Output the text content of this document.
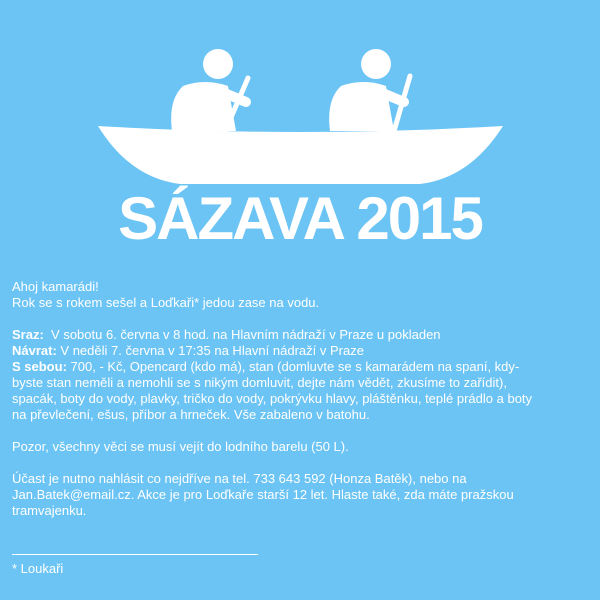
SÁZAVA 2015

Ahoj kamarádi!

Rok se s rokem sešel a Loďkaři* jedou zase na vodu.

Sraz: V sobotu 6. června v 8 hod. na Hlavním nádraží v Praze u pokladen

Návrat: V neděli 7. června v 17:35 na Hlavní nádraží v Praze

S sebou: 700, - Kč, Opencard (kdo má), stan (domluvte se s kamarádem na spaní, kdy-

byste stan neměli a nemohli se s nikým domluvit, dejte nám vědět, zkusíme to zařídit),

spacák, boty do vody, plavky, tričko do vody, pokrývku hlavy, pláštěnku, teplé prádlo a boty

na převlečení, ešus, příbor a hrneček. Vše zabaleno v batohu.

Pozor, všechny věci se musí vejít do lodního barelu (50 L).

Účast je nutno nahlásit co nejdříve na tel. 733 643 592 (Honza Batěk), nebo na

Jan.Batek@email.cz. Akce je pro Loďkaře starší 12 let. Hlaste také, zda máte pražskou

tramvajenku.

* Loukaři
